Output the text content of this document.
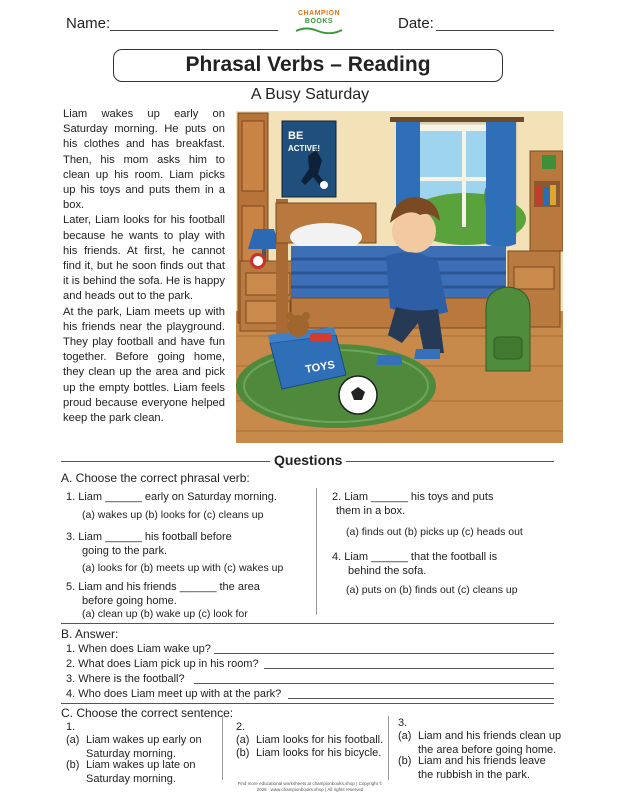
Name:
CHAMPION
BOOKS	Date:
Phrasal Verbs – Reading
A Busy Saturday

Liam wakes up early on Saturday morning. He puts on his clothes and has breakfast. Then, his mom asks him to clean up his room. Liam picks up his toys and puts them in a box.

Later, Liam looks for his football because he wants to play with his friends. At first, he cannot find it, but he soon finds out that it is behind the sofa. He is happy and heads out to the park.

At the park, Liam meets up with his friends near the playground. They play football and have fun together. Before going home, they clean up the area and pick up the empty bottles. Liam feels proud because everyone helped keep the park clean.

BE
ACTIVE!
TOYS
Questions
A. Choose the correct phrasal verb:
1. Liam ______ early on Saturday morning.
(a) wakes up (b) looks for (c) cleans up
3. Liam ______ his football before
going to the park.
(a) looks for (b) meets up with (c) wakes up
5. Liam and his friends ______ the area
before going home.
(a) clean up (b) wake up (c) look for
2. Liam ______ his toys and puts
them in a box.
(a) finds out (b) picks up (c) heads out
4. Liam ______ that the football is
behind the sofa.
(a) puts on (b) finds out (c) cleans up
B. Answer:
1. When does Liam wake up?
2. What does Liam pick up in his room?
3. Where is the football?
4. Who does Liam meet up with at the park?
C. Choose the correct sentence:
1.
(a) Liam wakes up early on
Saturday morning.
(b) Liam wakes up late on
Saturday morning.
2.
(a) Liam looks for his football.
(b) Liam looks for his bicycle.
3.
(a) Liam and his friends clean up
the area before going home.
(b) Liam and his friends leave
the rubbish in the park.
Find more educational worksheets at championbooks.shop | Copyright ©
2026 · www.championbooks.shop | All rights reserved
